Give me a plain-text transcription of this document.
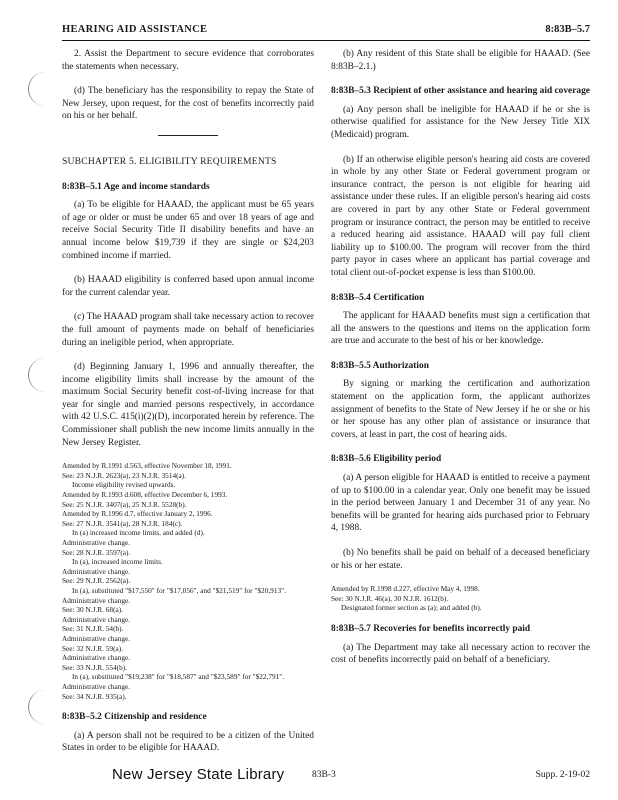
HEARING AID ASSISTANCE	8:83B–5.7

2. Assist the Department to secure evidence that corroborates the statements when necessary.

(d) The beneficiary has the responsibility to repay the State of New Jersey, upon request, for the cost of benefits incorrectly paid on his or her behalf.

SUBCHAPTER 5. ELIGIBILITY REQUIREMENTS

8:83B–5.1 Age and income standards

(a) To be eligible for HAAAD, the applicant must be 65 years of age or older or must be under 65 and over 18 years of age and receive Social Security Title II disability benefits and have an annual income below $19,739 if they are single or $24,203 combined income if married.

(b) HAAAD eligibility is conferred based upon annual income for the current calendar year.

(c) The HAAAD program shall take necessary action to recover the full amount of payments made on behalf of beneficiaries during an ineligible period, when appropriate.

(d) Beginning January 1, 1996 and annually thereafter, the income eligibility limits shall increase by the amount of the maximum Social Security benefit cost-of-living increase for that year for single and married persons respectively, in accordance with 42 U.S.C. 415(i)(2)(D), incorporated herein by reference. The Commissioner shall publish the new income limits annually in the New Jersey Register.

Amended by R.1991 d.563, effective November 18, 1991.
See: 23 N.J.R. 2623(a), 23 N.J.R. 3514(a).
Income eligibility revised upwards.
Amended by R.1993 d.608, effective December 6, 1993.
See: 25 N.J.R. 3407(a), 25 N.J.R. 5528(b).
Amended by R.1996 d.7, effective January 2, 1996.
See: 27 N.J.R. 3541(a), 28 N.J.R. 184(c).
In (a) increased income limits, and added (d).
Administrative change.
See: 28 N.J.R. 3597(a).
In (a), increased income limits.
Administrative change.
See: 29 N.J.R. 2562(a).
In (a), substituted "$17,550" for "$17,056", and "$21,519" for "$20,913".
Administrative change.
See: 30 N.J.R. 68(a).
Administrative change.
See: 31 N.J.R. 54(b).
Administrative change.
See: 32 N.J.R. 59(a).
Administrative change.
See: 33 N.J.R. 554(b).
In (a), substituted "$19,238" for "$18,587" and "$23,589" for "$22,791".
Administrative change.
See: 34 N.J.R. 935(a).

8:83B–5.2 Citizenship and residence

(a) A person shall not be required to be a citizen of the United States in order to be eligible for HAAAD.

(b) Any resident of this State shall be eligible for HAAAD. (See 8:83B–2.1.)

8:83B–5.3 Recipient of other assistance and hearing aid coverage

(a) Any person shall be ineligible for HAAAD if he or she is otherwise qualified for assistance for the New Jersey Title XIX (Medicaid) program.

(b) If an otherwise eligible person's hearing aid costs are covered in whole by any other State or Federal government program or insurance contract, the person is not eligible for hearing aid assistance under these rules. If an eligible person's hearing aid costs are covered in part by any other State or Federal government program or insurance contract, the person may be entitled to receive a reduced hearing aid assistance. HAAAD will pay full client liability up to $100.00. The program will recover from the third party payor in cases where an applicant has partial coverage and total client out-of-pocket expense is less than $100.00.

8:83B–5.4 Certification

The applicant for HAAAD benefits must sign a certification that all the answers to the questions and items on the application form are true and accurate to the best of his or her knowledge.

8:83B–5.5 Authorization

By signing or marking the certification and authorization statement on the application form, the applicant authorizes assignment of benefits to the State of New Jersey if he or she or his or her spouse has any other plan of assistance or insurance that covers, at least in part, the cost of hearing aids.

8:83B–5.6 Eligibility period

(a) A person eligible for HAAAD is entitled to receive a payment of up to $100.00 in a calendar year. Only one benefit may be issued in the period between January 1 and December 31 of any year. No benefits will be granted for hearing aids purchased prior to February 4, 1988.

(b) No benefits shall be paid on behalf of a deceased beneficiary or his or her estate.

Amended by R.1998 d.227, effective May 4, 1998.
See: 30 N.J.R. 46(a), 30 N.J.R. 1612(b).
Designated former section as (a); and added (b).

8:83B–5.7 Recoveries for benefits incorrectly paid

(a) The Department may take all necessary action to recover the cost of benefits incorrectly paid on behalf of a beneficiary.

New Jersey State Library	83B-3	Supp. 2-19-02
